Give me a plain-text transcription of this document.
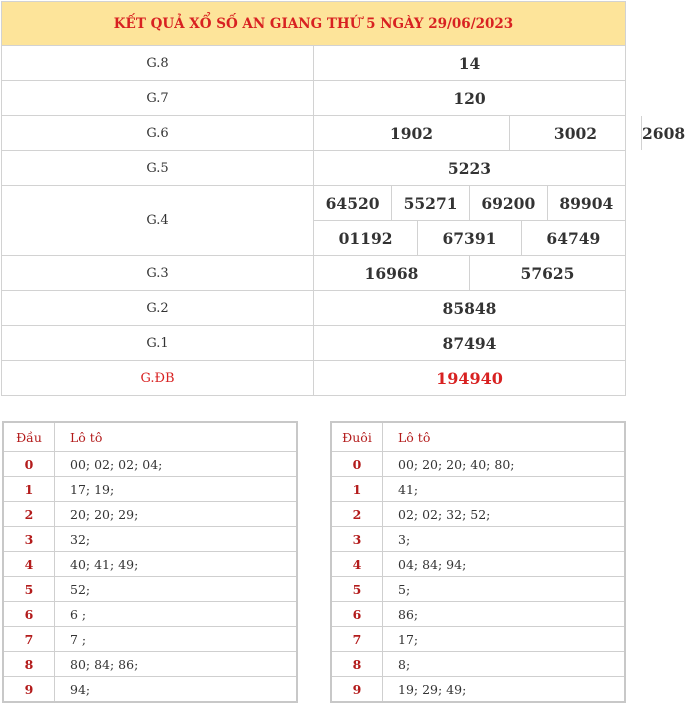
KẾT QUẢ XỔ SỐ AN GIANG THỨ 5 NGÀY 29/06/2023
G.8	14
G.7	120
G.6		1902	3002	2608

G.5	5223
G.4	
64520	55271	69200	89904
01192	67391	64749

G.3		16968	57625

G.2	85848
G.1	87494
G.ĐB	194940
Đầu	Lô tô
0	00; 02; 02; 04;
1	17; 19;
2	20; 20; 29;
3	32;
4	40; 41; 49;
5	52;
6	6 ;
7	7 ;
8	80; 84; 86;
9	94;
Đuôi	Lô tô
0	00; 20; 20; 40; 80;
1	41;
2	02; 02; 32; 52;
3	3;
4	04; 84; 94;
5	5;
6	86;
7	17;
8	8;
9	19; 29; 49;
